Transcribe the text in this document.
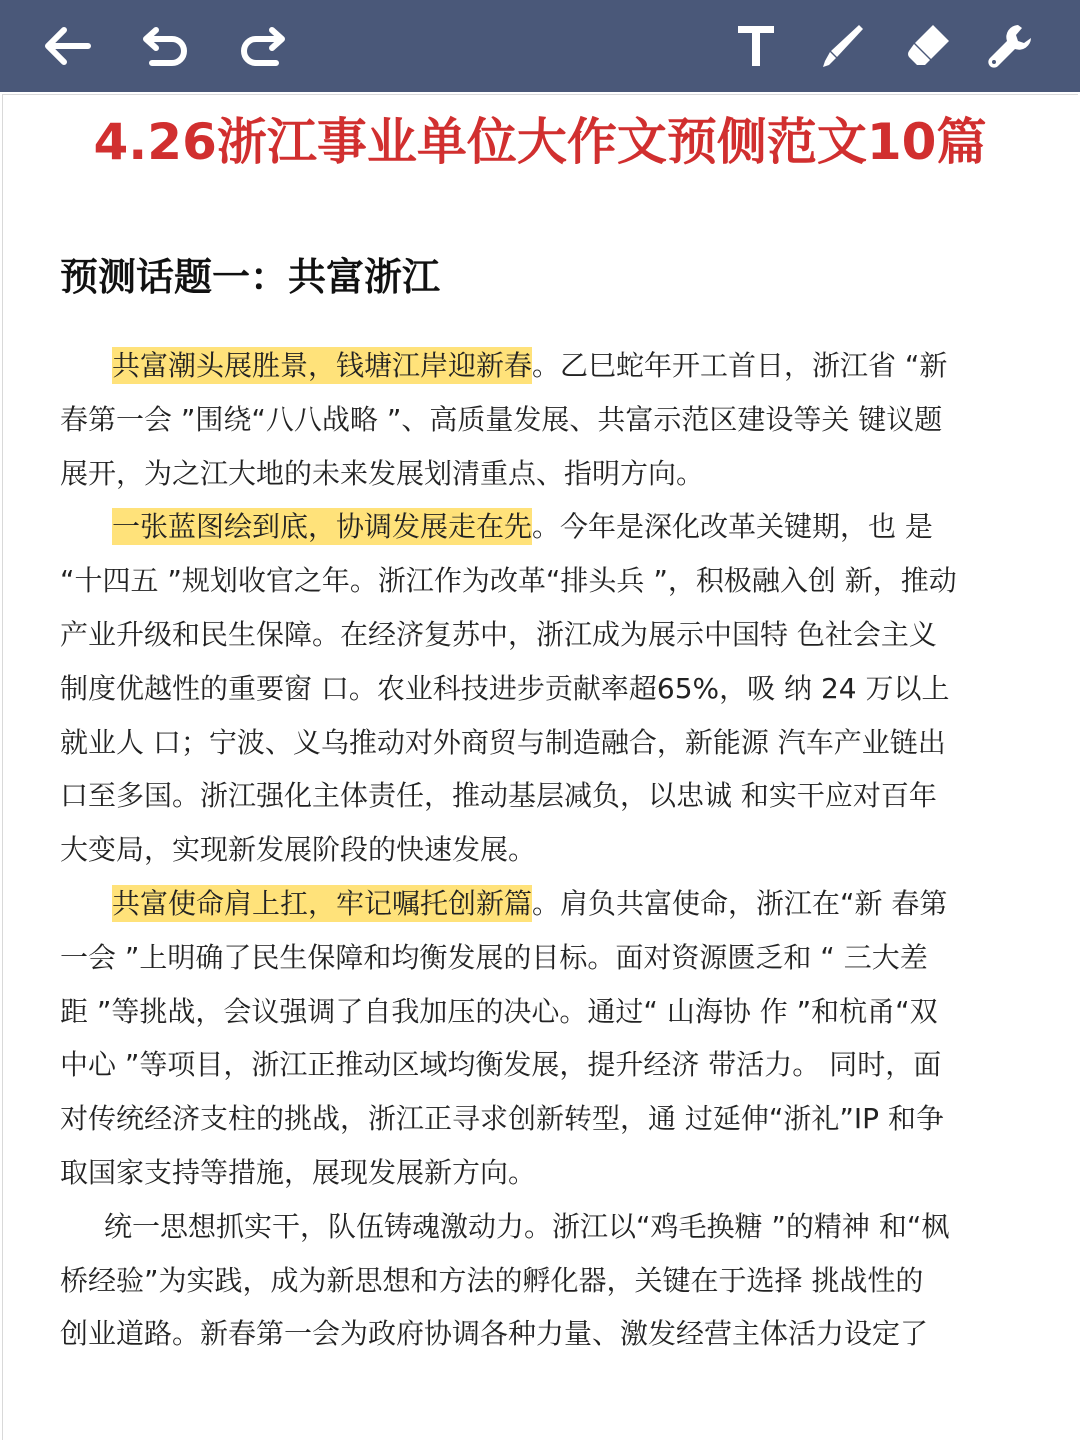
4.26浙江事业单位大作文预侧范文10篇
预测话题一：共富浙江
共富潮头展胜景，钱塘江岸迎新春。乙巳蛇年开工首日，浙江省 “新
春第一会 ”围绕“八八战略 ”、高质量发展、共富示范区建设等关 键议题
展开，为之江大地的未来发展划清重点、指明方向。
一张蓝图绘到底，协调发展走在先。今年是深化改革关键期，也 是
“十四五 ”规划收官之年。浙江作为改革“排头兵 ”，积极融入创 新，推动
产业升级和民生保障。在经济复苏中，浙江成为展示中国特 色社会主义
制度优越性的重要窗 口。农业科技进步贡献率超65%，吸 纳 24 万以上
就业人 口；宁波、义乌推动对外商贸与制造融合，新能源 汽车产业链出
口至多国。浙江强化主体责任，推动基层减负，以忠诚 和实干应对百年
大变局，实现新发展阶段的快速发展。
共富使命肩上扛，牢记嘱托创新篇。肩负共富使命，浙江在“新 春第
一会 ”上明确了民生保障和均衡发展的目标。面对资源匮乏和 “ 三大差
距 ”等挑战，会议强调了自我加压的决心。通过“ 山海协 作 ”和杭甬“双
中心 ”等项目，浙江正推动区域均衡发展，提升经济 带活力。 同时，面
对传统经济支柱的挑战，浙江正寻求创新转型，通 过延伸“浙礼”IP 和争
取国家支持等措施，展现发展新方向。
统一思想抓实干，队伍铸魂激动力。浙江以“鸡毛换糖 ”的精神 和“枫
桥经验”为实践，成为新思想和方法的孵化器，关键在于选择 挑战性的
创业道路。新春第一会为政府协调各种力量、激发经营主体活力设定了
